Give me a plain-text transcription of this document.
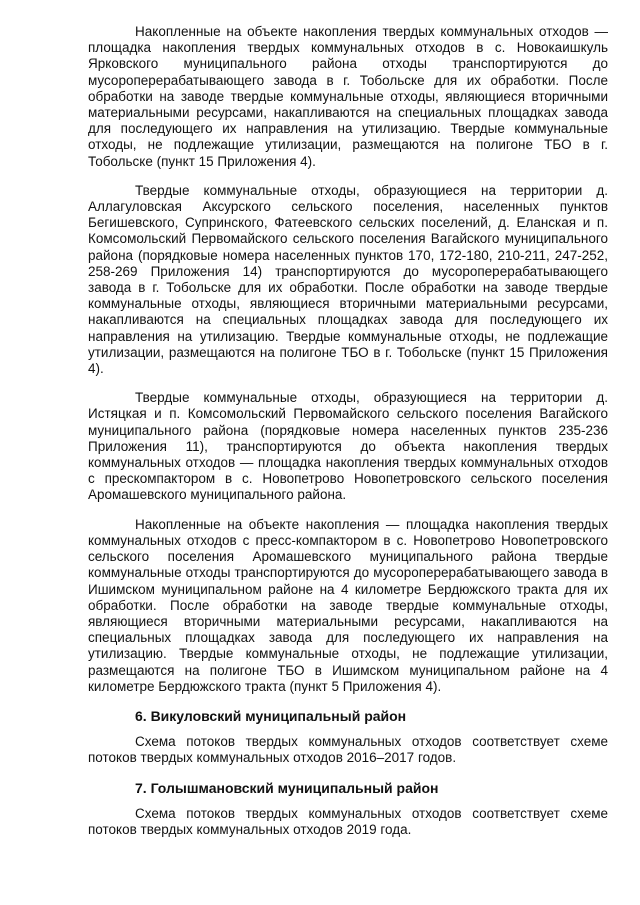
Накопленные на объекте накопления твердых коммунальных отходов — площадка накопления твердых коммунальных отходов в с. Новокаишкуль Ярковского муниципального района отходы транспортируются до мусороперерабатывающего завода в г. Тобольске для их обработки. После обработки на заводе твердые коммунальные отходы, являющиеся вторичными материальными ресурсами, накапливаются на специальных площадках завода для последующего их направления на утилизацию. Твердые коммунальные отходы, не подлежащие утилизации, размещаются на полигоне ТБО в г. Тобольске (пункт 15 Приложения 4).

Твердые коммунальные отходы, образующиеся на территории д. Аллагуловская Аксурского сельского поселения, населенных пунктов Бегишевского, Супринского, Фатеевского сельских поселений, д. Еланская и п. Комсомольский Первомайского сельского поселения Вагайского муниципального района (порядковые номера населенных пунктов 170, 172-180, 210-211, 247-252, 258-269 Приложения 14) транспортируются до мусороперерабатывающего завода в г. Тобольске для их обработки. После обработки на заводе твердые коммунальные отходы, являющиеся вторичными материальными ресурсами, накапливаются на специальных площадках завода для последующего их направления на утилизацию. Твердые коммунальные отходы, не подлежащие утилизации, размещаются на полигоне ТБО в г. Тобольске (пункт 15 Приложения 4).

Твердые коммунальные отходы, образующиеся на территории д. Истяцкая и п. Комсомольский Первомайского сельского поселения Вагайского муниципального района (порядковые номера населенных пунктов 235-236 Приложения 11), транспортируются до объекта накопления твердых коммунальных отходов — площадка накопления твердых коммунальных отходов с прескомпактором в с. Новопетрово Новопетровского сельского поселения Аромашевского муниципального района.

Накопленные на объекте накопления — площадка накопления твердых коммунальных отходов с пресс-компактором в с. Новопетрово Новопетровского сельского поселения Аромашевского муниципального района твердые коммунальные отходы транспортируются до мусороперерабатывающего завода в Ишимском муниципальном районе на 4 километре Бердюжского тракта для их обработки. После обработки на заводе твердые коммунальные отходы, являющиеся вторичными материальными ресурсами, накапливаются на специальных площадках завода для последующего их направления на утилизацию. Твердые коммунальные отходы, не подлежащие утилизации, размещаются на полигоне ТБО в Ишимском муниципальном районе на 4 километре Бердюжского тракта (пункт 5 Приложения 4).

6. Викуловский муниципальный район

Схема потоков твердых коммунальных отходов соответствует схеме потоков твердых коммунальных отходов 2016–2017 годов.

7. Голышмановский муниципальный район

Схема потоков твердых коммунальных отходов соответствует схеме потоков твердых коммунальных отходов 2019 года.
